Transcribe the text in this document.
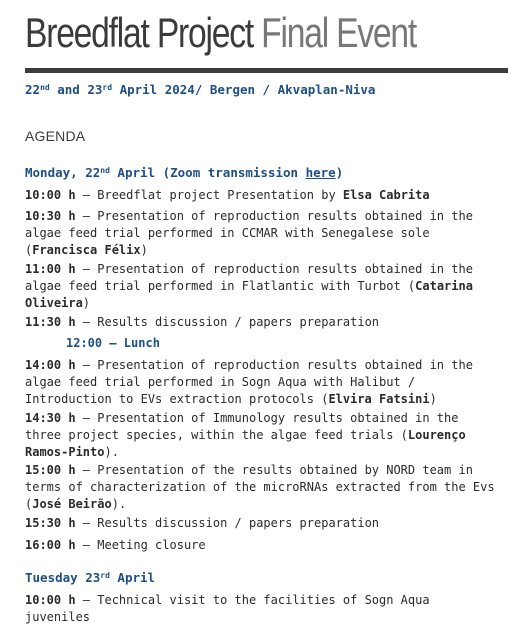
Breedflat Project Final Event
22nd and 23rd April 2024/ Bergen / Akvaplan-Niva
AGENDA
Monday, 22nd April (Zoom transmission here)
10:00 h – Breedflat project Presentation by Elsa Cabrita
10:30 h – Presentation of reproduction results obtained in the algae feed trial performed in CCMAR with Senegalese sole (Francisca Félix)
11:00 h – Presentation of reproduction results obtained in the algae feed trial performed in Flatlantic with Turbot (Catarina Oliveira)
11:30 h – Results discussion / papers preparation
12:00 – Lunch
14:00 h – Presentation of reproduction results obtained in the algae feed trial performed in Sogn Aqua with Halibut / Introduction to EVs extraction protocols (Elvira Fatsini)
14:30 h – Presentation of Immunology results obtained in the three project species, within the algae feed trials (Lourenço Ramos-Pinto).
15:00 h – Presentation of the results obtained by NORD team in terms of characterization of the microRNAs extracted from the Evs (José Beirão).
15:30 h – Results discussion / papers preparation
16:00 h – Meeting closure
Tuesday 23rd April
10:00 h – Technical visit to the facilities of Sogn Aqua juveniles
